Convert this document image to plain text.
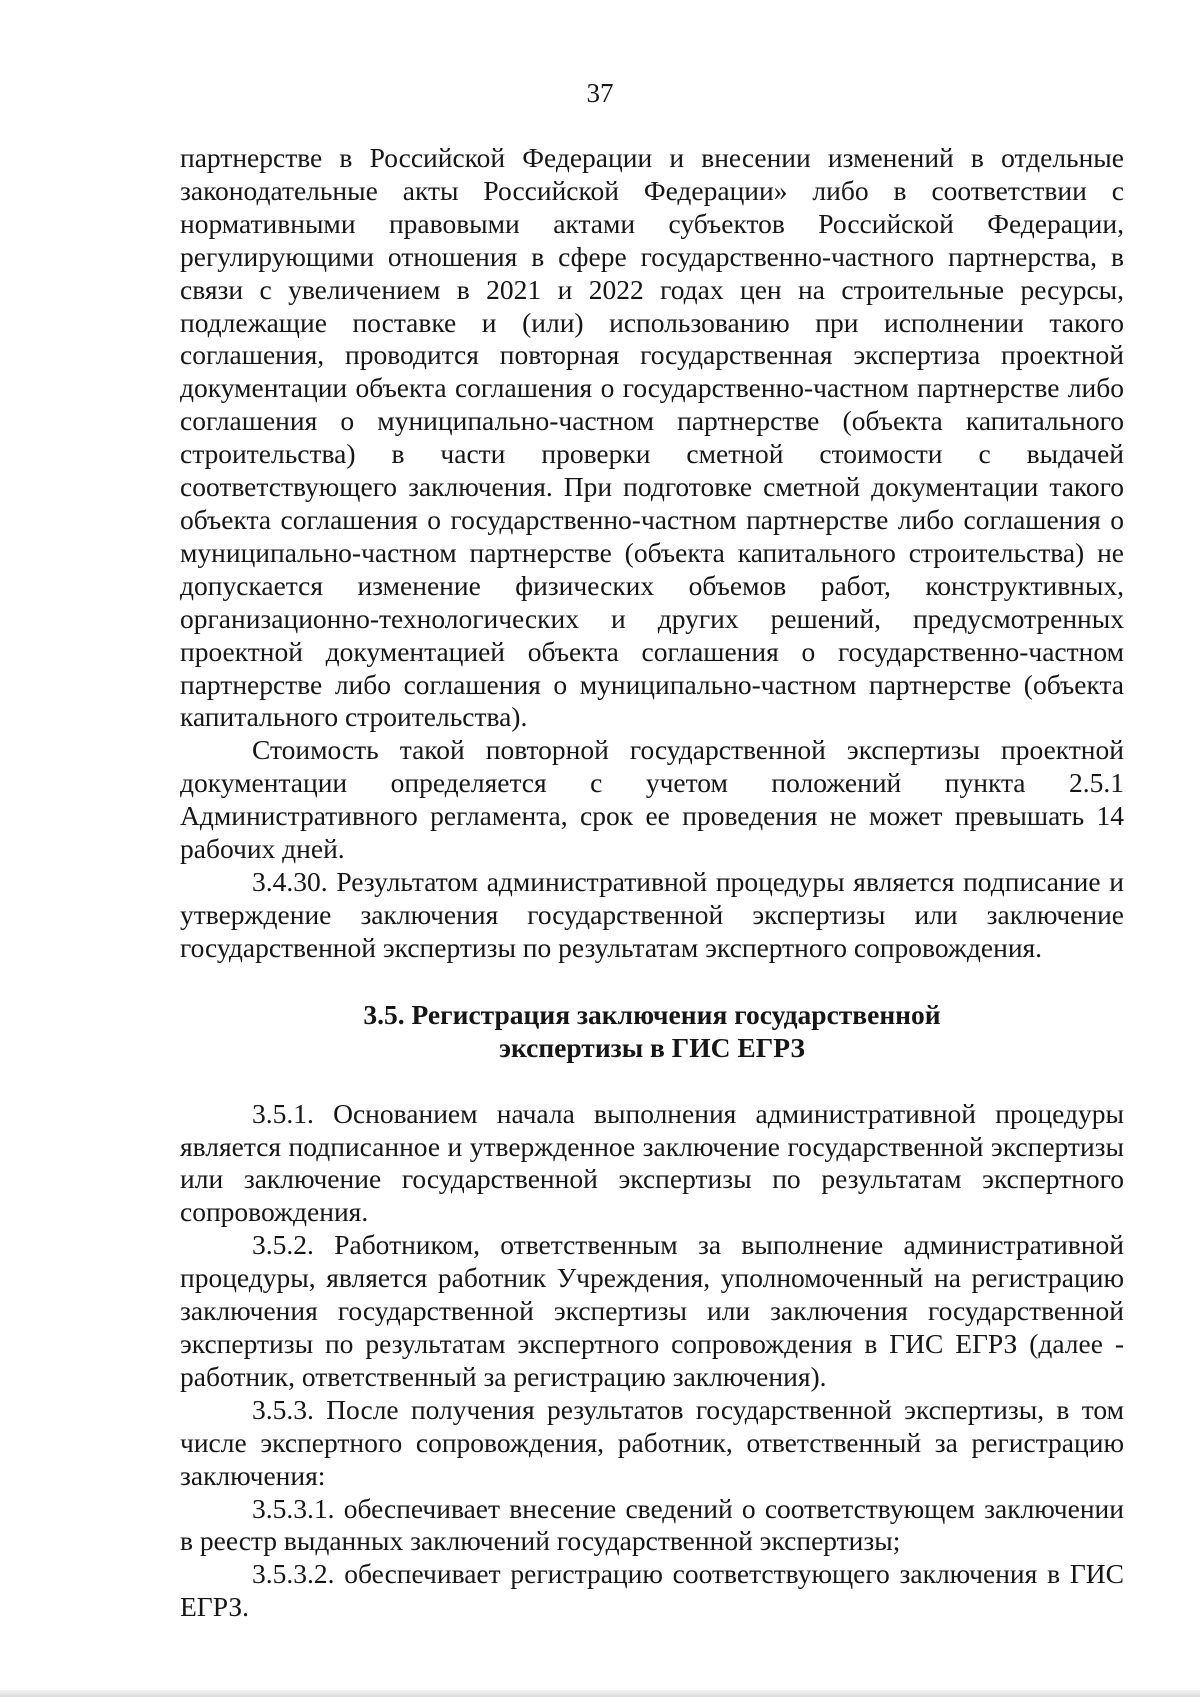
37

партнерстве в Российской Федерации и внесении изменений в отдельные законодательные акты Российской Федерации» либо в соответствии с нормативными правовыми актами субъектов Российской Федерации, регулирующими отношения в сфере государственно-частного партнерства, в связи с увеличением в 2021 и 2022 годах цен на строительные ресурсы, подлежащие поставке и (или) использованию при исполнении такого соглашения, проводится повторная государственная экспертиза проектной документации объекта соглашения о государственно-частном партнерстве либо соглашения о муниципально-частном партнерстве (объекта капитального строительства) в части проверки сметной стоимости с выдачей соответствующего заключения. При подготовке сметной документации такого объекта соглашения о государственно-частном партнерстве либо соглашения о муниципально-частном партнерстве (объекта капитального строительства) не допускается изменение физических объемов работ, конструктивных, организационно-технологических и других решений, предусмотренных проектной документацией объекта соглашения о государственно-частном партнерстве либо соглашения о муниципально-частном партнерстве (объекта капитального строительства).

Стоимость такой повторной государственной экспертизы проектной документации определяется с учетом положений пункта 2.5.1 Административного регламента, срок ее проведения не может превышать 14 рабочих дней.

3.4.30. Результатом административной процедуры является подписание и утверждение заключения государственной экспертизы или заключение государственной экспертизы по результатам экспертного сопровождения.

3.5. Регистрация заключения государственной
экспертизы в ГИС ЕГРЗ

3.5.1. Основанием начала выполнения административной процедуры является подписанное и утвержденное заключение государственной экспертизы или заключение государственной экспертизы по результатам экспертного сопровождения.

3.5.2. Работником, ответственным за выполнение административной процедуры, является работник Учреждения, уполномоченный на регистрацию заключения государственной экспертизы или заключения государственной экспертизы по результатам экспертного сопровождения в ГИС ЕГРЗ (далее - работник, ответственный за регистрацию заключения).

3.5.3. После получения результатов государственной экспертизы, в том числе экспертного сопровождения, работник, ответственный за регистрацию заключения:

3.5.3.1. обеспечивает внесение сведений о соответствующем заключении в реестр выданных заключений государственной экспертизы;

3.5.3.2. обеспечивает регистрацию соответствующего заключения в ГИС ЕГРЗ.
